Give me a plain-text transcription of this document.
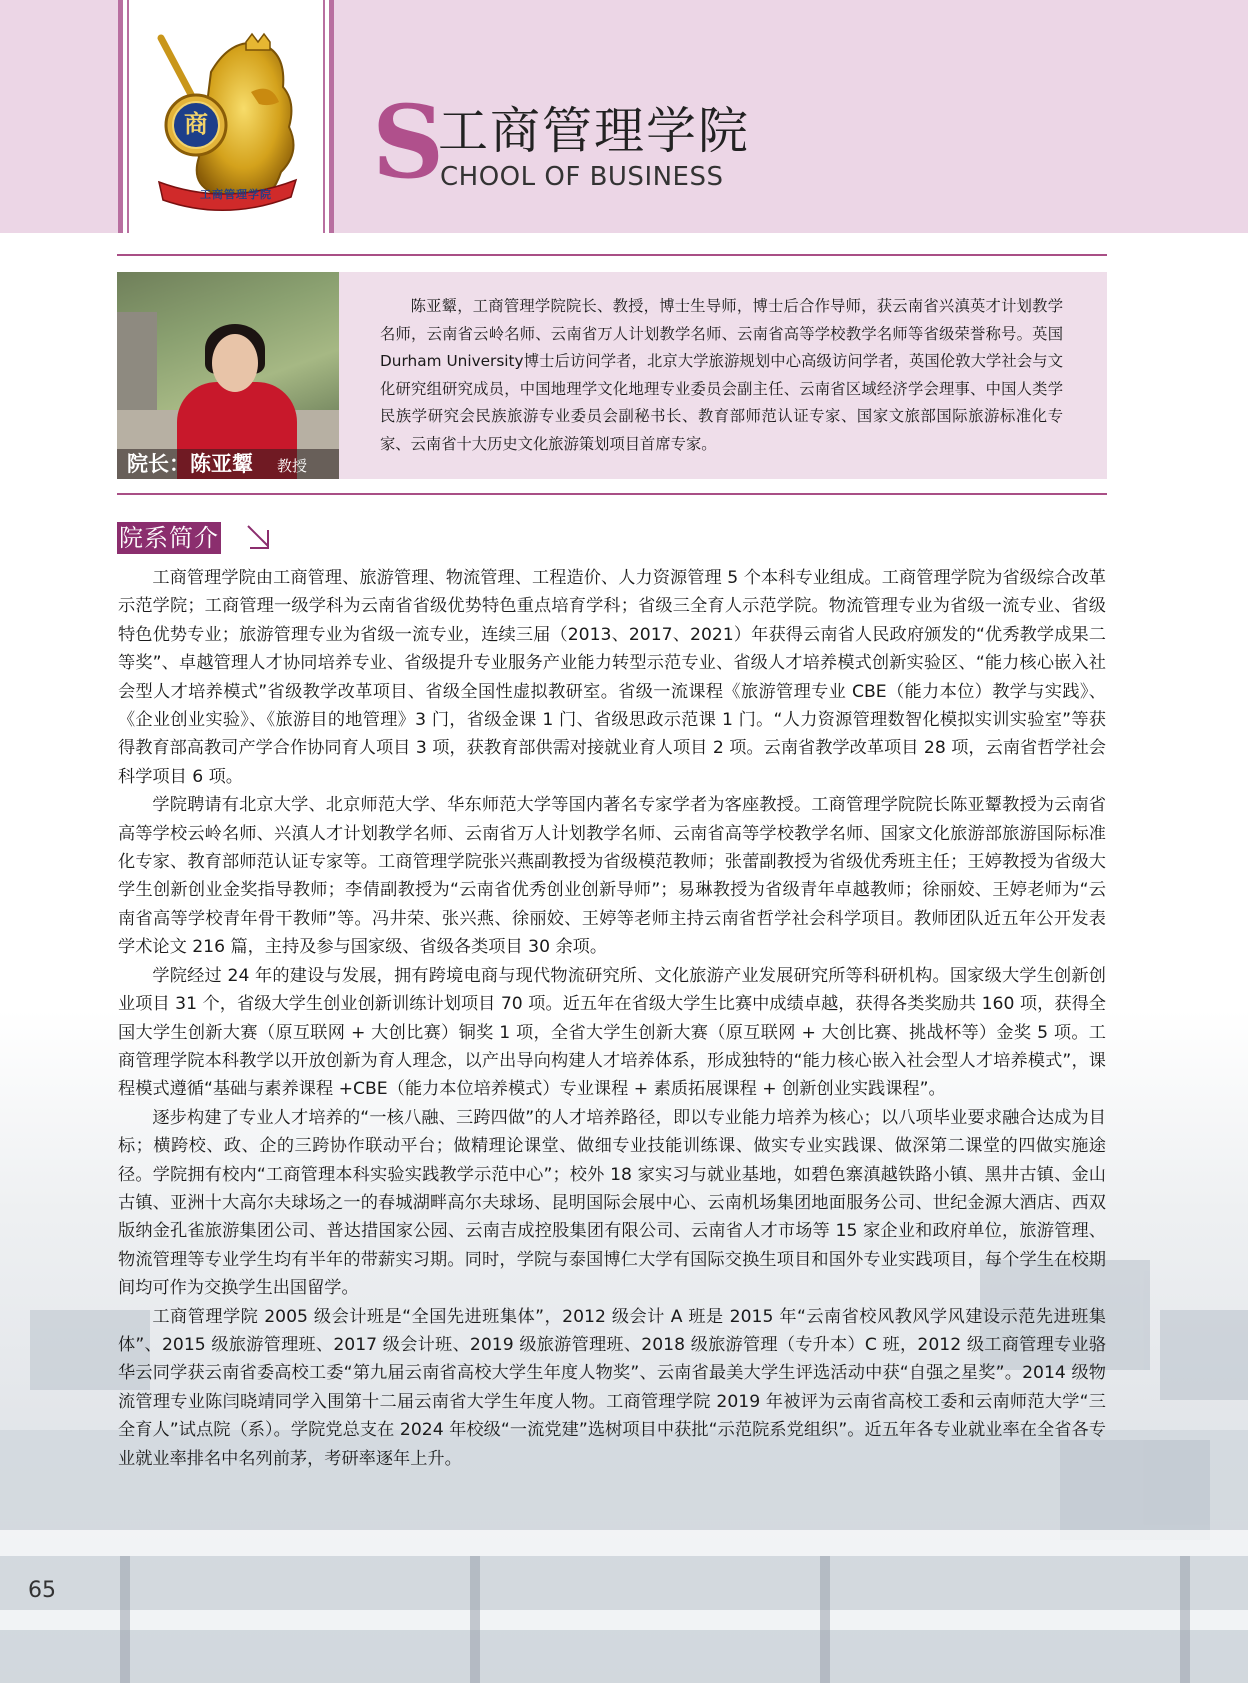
商
工商管理学院 S
工商管理学院
CHOOL OF BUSINESS
院长：陈亚颦 教授
陈亚颦，工商管理学院院长、教授，博士生导师，博士后合作导师，获云南省兴滇英才计划教学名师，云南省云岭名师、云南省万人计划教学名师、云南省高等学校教学名师等省级荣誉称号。英国Durham University博士后访问学者，北京大学旅游规划中心高级访问学者，英国伦敦大学社会与文化研究组研究成员，中国地理学文化地理专业委员会副主任、云南省区域经济学会理事、中国人类学民族学研究会民族旅游专业委员会副秘书长、教育部师范认证专家、国家文旅部国际旅游标准化专家、云南省十大历史文化旅游策划项目首席专家。
院系简介

工商管理学院由工商管理、旅游管理、物流管理、工程造价、人力资源管理 5 个本科专业组成。工商管理学院为省级综合改革示范学院；工商管理一级学科为云南省省级优势特色重点培育学科；省级三全育人示范学院。物流管理专业为省级一流专业、省级特色优势专业；旅游管理专业为省级一流专业，连续三届（2013、2017、2021）年获得云南省人民政府颁发的“优秀教学成果二等奖”、卓越管理人才协同培养专业、省级提升专业服务产业能力转型示范专业、省级人才培养模式创新实验区、“能力核心嵌入社会型人才培养模式”省级教学改革项目、省级全国性虚拟教研室。省级一流课程《旅游管理专业 CBE（能力本位）教学与实践》、《企业创业实验》、《旅游目的地管理》3 门，省级金课 1 门、省级思政示范课 1 门。“人力资源管理数智化模拟实训实验室”等获得教育部高教司产学合作协同育人项目 3 项，获教育部供需对接就业育人项目 2 项。云南省教学改革项目 28 项，云南省哲学社会科学项目 6 项。

学院聘请有北京大学、北京师范大学、华东师范大学等国内著名专家学者为客座教授。工商管理学院院长陈亚颦教授为云南省高等学校云岭名师、兴滇人才计划教学名师、云南省万人计划教学名师、云南省高等学校教学名师、国家文化旅游部旅游国际标准化专家、教育部师范认证专家等。工商管理学院张兴燕副教授为省级模范教师；张蕾副教授为省级优秀班主任；王婷教授为省级大学生创新创业金奖指导教师；李倩副教授为“云南省优秀创业创新导师”；易琳教授为省级青年卓越教师；徐丽姣、王婷老师为“云南省高等学校青年骨干教师”等。冯井荣、张兴燕、徐丽姣、王婷等老师主持云南省哲学社会科学项目。教师团队近五年公开发表学术论文 216 篇，主持及参与国家级、省级各类项目 30 余项。

学院经过 24 年的建设与发展，拥有跨境电商与现代物流研究所、文化旅游产业发展研究所等科研机构。国家级大学生创新创业项目 31 个，省级大学生创业创新训练计划项目 70 项。近五年在省级大学生比赛中成绩卓越，获得各类奖励共 160 项，获得全国大学生创新大赛（原互联网 + 大创比赛）铜奖 1 项，全省大学生创新大赛（原互联网 + 大创比赛、挑战杯等）金奖 5 项。工商管理学院本科教学以开放创新为育人理念，以产出导向构建人才培养体系，形成独特的“能力核心嵌入社会型人才培养模式”，课程模式遵循“基础与素养课程 +CBE（能力本位培养模式）专业课程 + 素质拓展课程 + 创新创业实践课程”。

逐步构建了专业人才培养的“一核八融、三跨四做”的人才培养路径，即以专业能力培养为核心；以八项毕业要求融合达成为目标；横跨校、政、企的三跨协作联动平台；做精理论课堂、做细专业技能训练课、做实专业实践课、做深第二课堂的四做实施途径。学院拥有校内“工商管理本科实验实践教学示范中心”；校外 18 家实习与就业基地，如碧色寨滇越铁路小镇、黑井古镇、金山古镇、亚洲十大高尔夫球场之一的春城湖畔高尔夫球场、昆明国际会展中心、云南机场集团地面服务公司、世纪金源大酒店、西双版纳金孔雀旅游集团公司、普达措国家公园、云南吉成控股集团有限公司、云南省人才市场等 15 家企业和政府单位，旅游管理、物流管理等专业学生均有半年的带薪实习期。同时，学院与泰国博仁大学有国际交换生项目和国外专业实践项目，每个学生在校期间均可作为交换学生出国留学。

工商管理学院 2005 级会计班是“全国先进班集体”，2012 级会计 A 班是 2015 年“云南省校风教风学风建设示范先进班集体”、2015 级旅游管理班、2017 级会计班、2019 级旅游管理班、2018 级旅游管理（专升本）C 班，2012 级工商管理专业骆华云同学获云南省委高校工委“第九届云南省高校大学生年度人物奖”、云南省最美大学生评选活动中获“自强之星奖”。2014 级物流管理专业陈闫晓靖同学入围第十二届云南省大学生年度人物。工商管理学院 2019 年被评为云南省高校工委和云南师范大学“三全育人”试点院（系）。学院党总支在 2024 年校级“一流党建”选树项目中获批“示范院系党组织”。近五年各专业就业率在全省各专业就业率排名中名列前茅，考研率逐年上升。

65
